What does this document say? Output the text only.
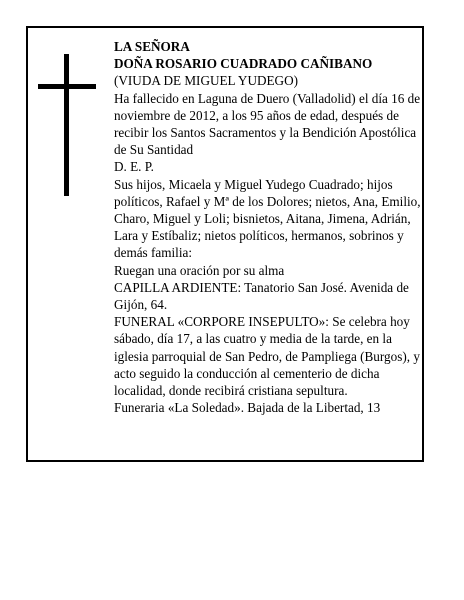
LA SEÑORA

DOÑA ROSARIO CUADRADO CAÑIBANO

(VIUDA DE MIGUEL YUDEGO)

Ha fallecido en Laguna de Duero (Valladolid) el día 16 de noviembre de 2012, a los 95 años de edad, después de recibir los Santos Sacramentos y la Bendición Apostólica de Su Santidad

D. E. P.

Sus hijos, Micaela y Miguel Yudego Cuadrado; hijos políticos, Rafael y Mª de los Dolores; nietos, Ana, Emilio, Charo, Miguel y Loli; bisnietos, Aitana, Jimena, Adrián, Lara y Estíbaliz; nietos políticos, hermanos, sobrinos y demás familia:

Ruegan una oración por su alma

CAPILLA ARDIENTE: Tanatorio San José. Avenida de Gijón, 64.

FUNERAL «CORPORE INSEPULTO»: Se celebra hoy sábado, día 17, a las cuatro y media de la tarde, en la iglesia parroquial de San Pedro, de Pampliega (Burgos), y acto seguido la conducción al cementerio de dicha localidad, donde recibirá cristiana sepultura.

Funeraria «La Soledad». Bajada de la Libertad, 13
